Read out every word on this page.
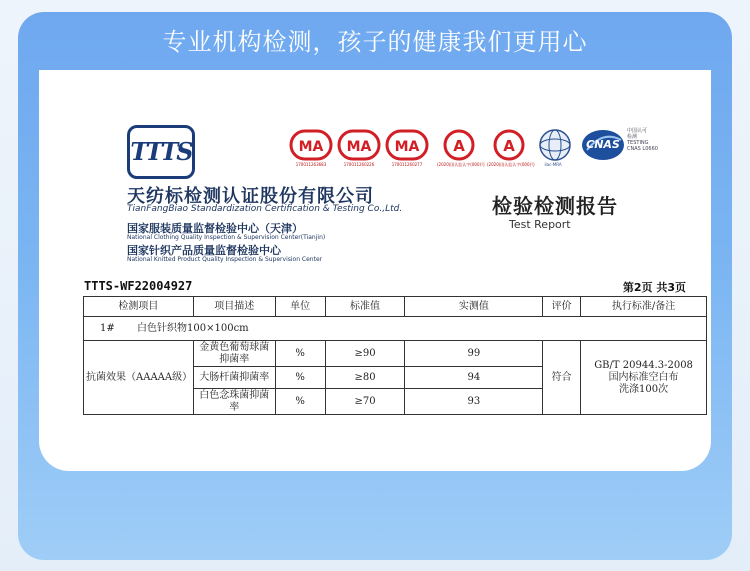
专业机构检测，孩子的健康我们更用心
TTTS
天纺标检测认证股份有限公司
TianFangBiao Standardization Certification & Testing Co.,Ltd.
国家服装质量监督检验中心（天津）
National Clothing Quality Inspection & Supervision Center(Tianjin)
国家针织产品质量监督检验中心
National Knitted Product Quality Inspection & Supervision Center
MA
170011263683
MA
170011260226
MA
170011260277
A
(2020)国认监认字(000)号
A
(2020)国认监认字(000)号	ilac-MRA
CNAS
中国认可
检测
TESTING
CNAS L0660
检验检测报告
Test Report
TTTS-WF22004927	第2页 共3页
检测项目	项目描述	单位	标准值	实测值	评价	执行标准/备注
1# 白色针织物100×100cm						
抗菌效果（AAAAA级）	金黄色葡萄球菌抑菌率	%	≥90	99	符合	GB/T 20944.3-2008
国内标准空白布
洗涤100次

	大肠杆菌抑菌率	%	≥80	94		
	白色念珠菌抑菌率	%	≥70	93		
